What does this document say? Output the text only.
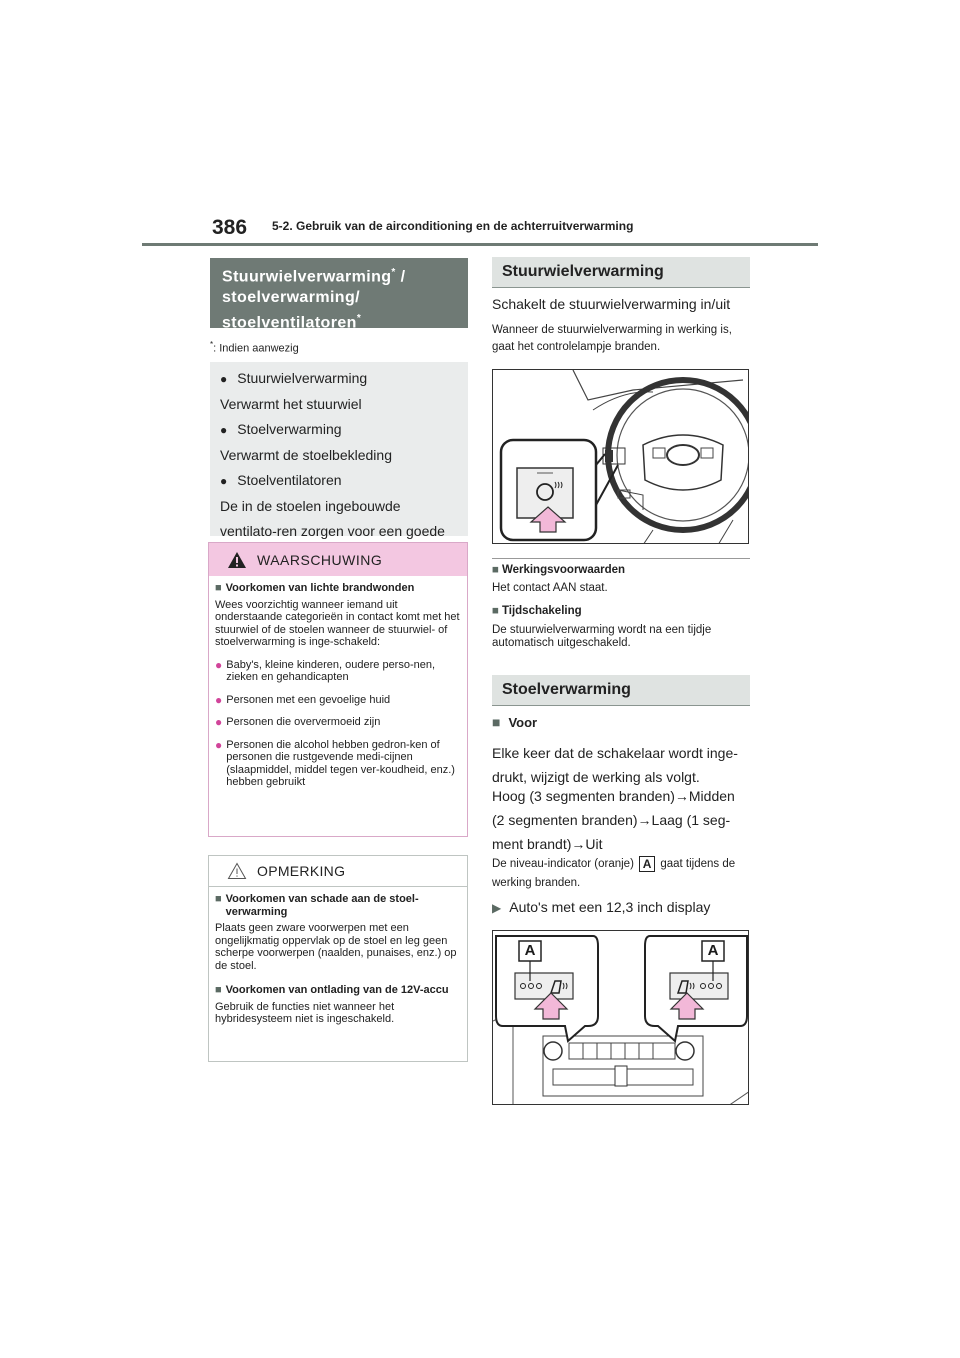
386 5-2. Gebruik van de airconditioning en de achterruitverwarming
Stuurwielverwarming* /
stoelverwarming/
stoelventilatoren*
*: Indien aanwezig
● Stuurwielverwarming
Verwarmt het stuurwiel
● Stoelverwarming
Verwarmt de stoelbekleding
● Stoelventilatoren
De in de stoelen ingebouwde ventilato-ren zorgen voor een goede
WAARSCHUWING
■ Voorkomen van lichte brandwonden
Wees voorzichtig wanneer iemand uit onderstaande categorieën in contact komt met het stuurwiel of de stoelen wanneer de stuurwiel- of stoelverwarming is inge-schakeld:
● Baby's, kleine kinderen, oudere perso-nen, zieken en gehandicapten
● Personen met een gevoelige huid
● Personen die oververmoeid zijn
● Personen die alcohol hebben gedron-ken of personen die rustgevende medi-cijnen (slaapmiddel, middel tegen ver-koudheid, enz.) hebben gebruikt
OPMERKING
■ Voorkomen van schade aan de stoel-verwarming
Plaats geen zware voorwerpen met een ongelijkmatig oppervlak op de stoel en leg geen scherpe voorwerpen (naalden, punaises, enz.) op de stoel.
■ Voorkomen van ontlading van de 12V-accu
Gebruik de functies niet wanneer het hybridesysteem niet is ingeschakeld.
Stuurwielverwarming
Schakelt de stuurwielverwarming in/uit
Wanneer de stuurwielverwarming in werking is, gaat het controlelampje branden.
■ Werkingsvoorwaarden
Het contact AAN staat.
■ Tijdschakeling
De stuurwielverwarming wordt na een tijdje automatisch uitgeschakeld.
Stoelverwarming
■ Voor
Elke keer dat de schakelaar wordt inge-drukt, wijzigt de werking als volgt.
Hoog (3 segmenten branden)→Midden (2 segmenten branden)→Laag (1 seg-ment brandt)→Uit
De niveau-indicator (oranje) A gaat tijdens de werking branden.
▶ Auto's met een 12,3 inch display
A	A
